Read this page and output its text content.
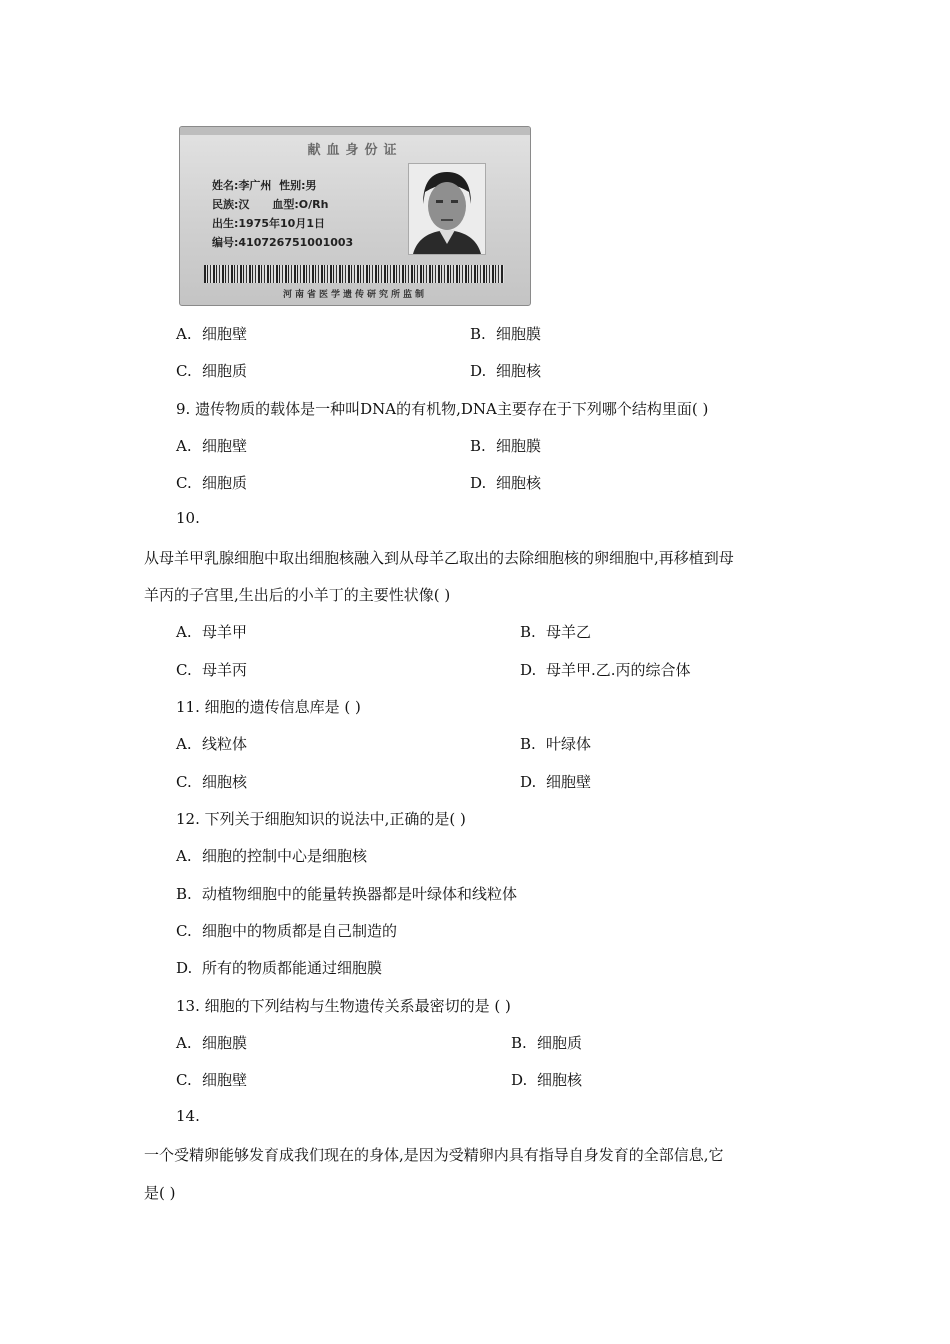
献血身份证
姓名:李广州 性别:男
民族:汉 血型:O/Rh
出生:1975年10月1日
编号:410726751001003
河南省医学遗传研究所监制
A. 细胞壁	B. 细胞膜
C. 细胞质	D. 细胞核
9. 遗传物质的载体是一种叫DNA的有机物,DNA主要存在于下列哪个结构里面( )
A. 细胞壁	B. 细胞膜
C. 细胞质	D. 细胞核
10.
从母羊甲乳腺细胞中取出细胞核融入到从母羊乙取出的去除细胞核的卵细胞中,再移植到母
羊丙的子宫里,生出后的小羊丁的主要性状像( )
A. 母羊甲	B. 母羊乙
C. 母羊丙	D. 母羊甲.乙.丙的综合体
11. 细胞的遗传信息库是 ( )
A. 线粒体	B. 叶绿体
C. 细胞核	D. 细胞壁
12. 下列关于细胞知识的说法中,正确的是( )
A. 细胞的控制中心是细胞核
B. 动植物细胞中的能量转换器都是叶绿体和线粒体
C. 细胞中的物质都是自己制造的
D. 所有的物质都能通过细胞膜
13. 细胞的下列结构与生物遗传关系最密切的是 ( )
A. 细胞膜	B. 细胞质
C. 细胞壁	D. 细胞核
14.
一个受精卵能够发育成我们现在的身体,是因为受精卵内具有指导自身发育的全部信息,它
是( )
